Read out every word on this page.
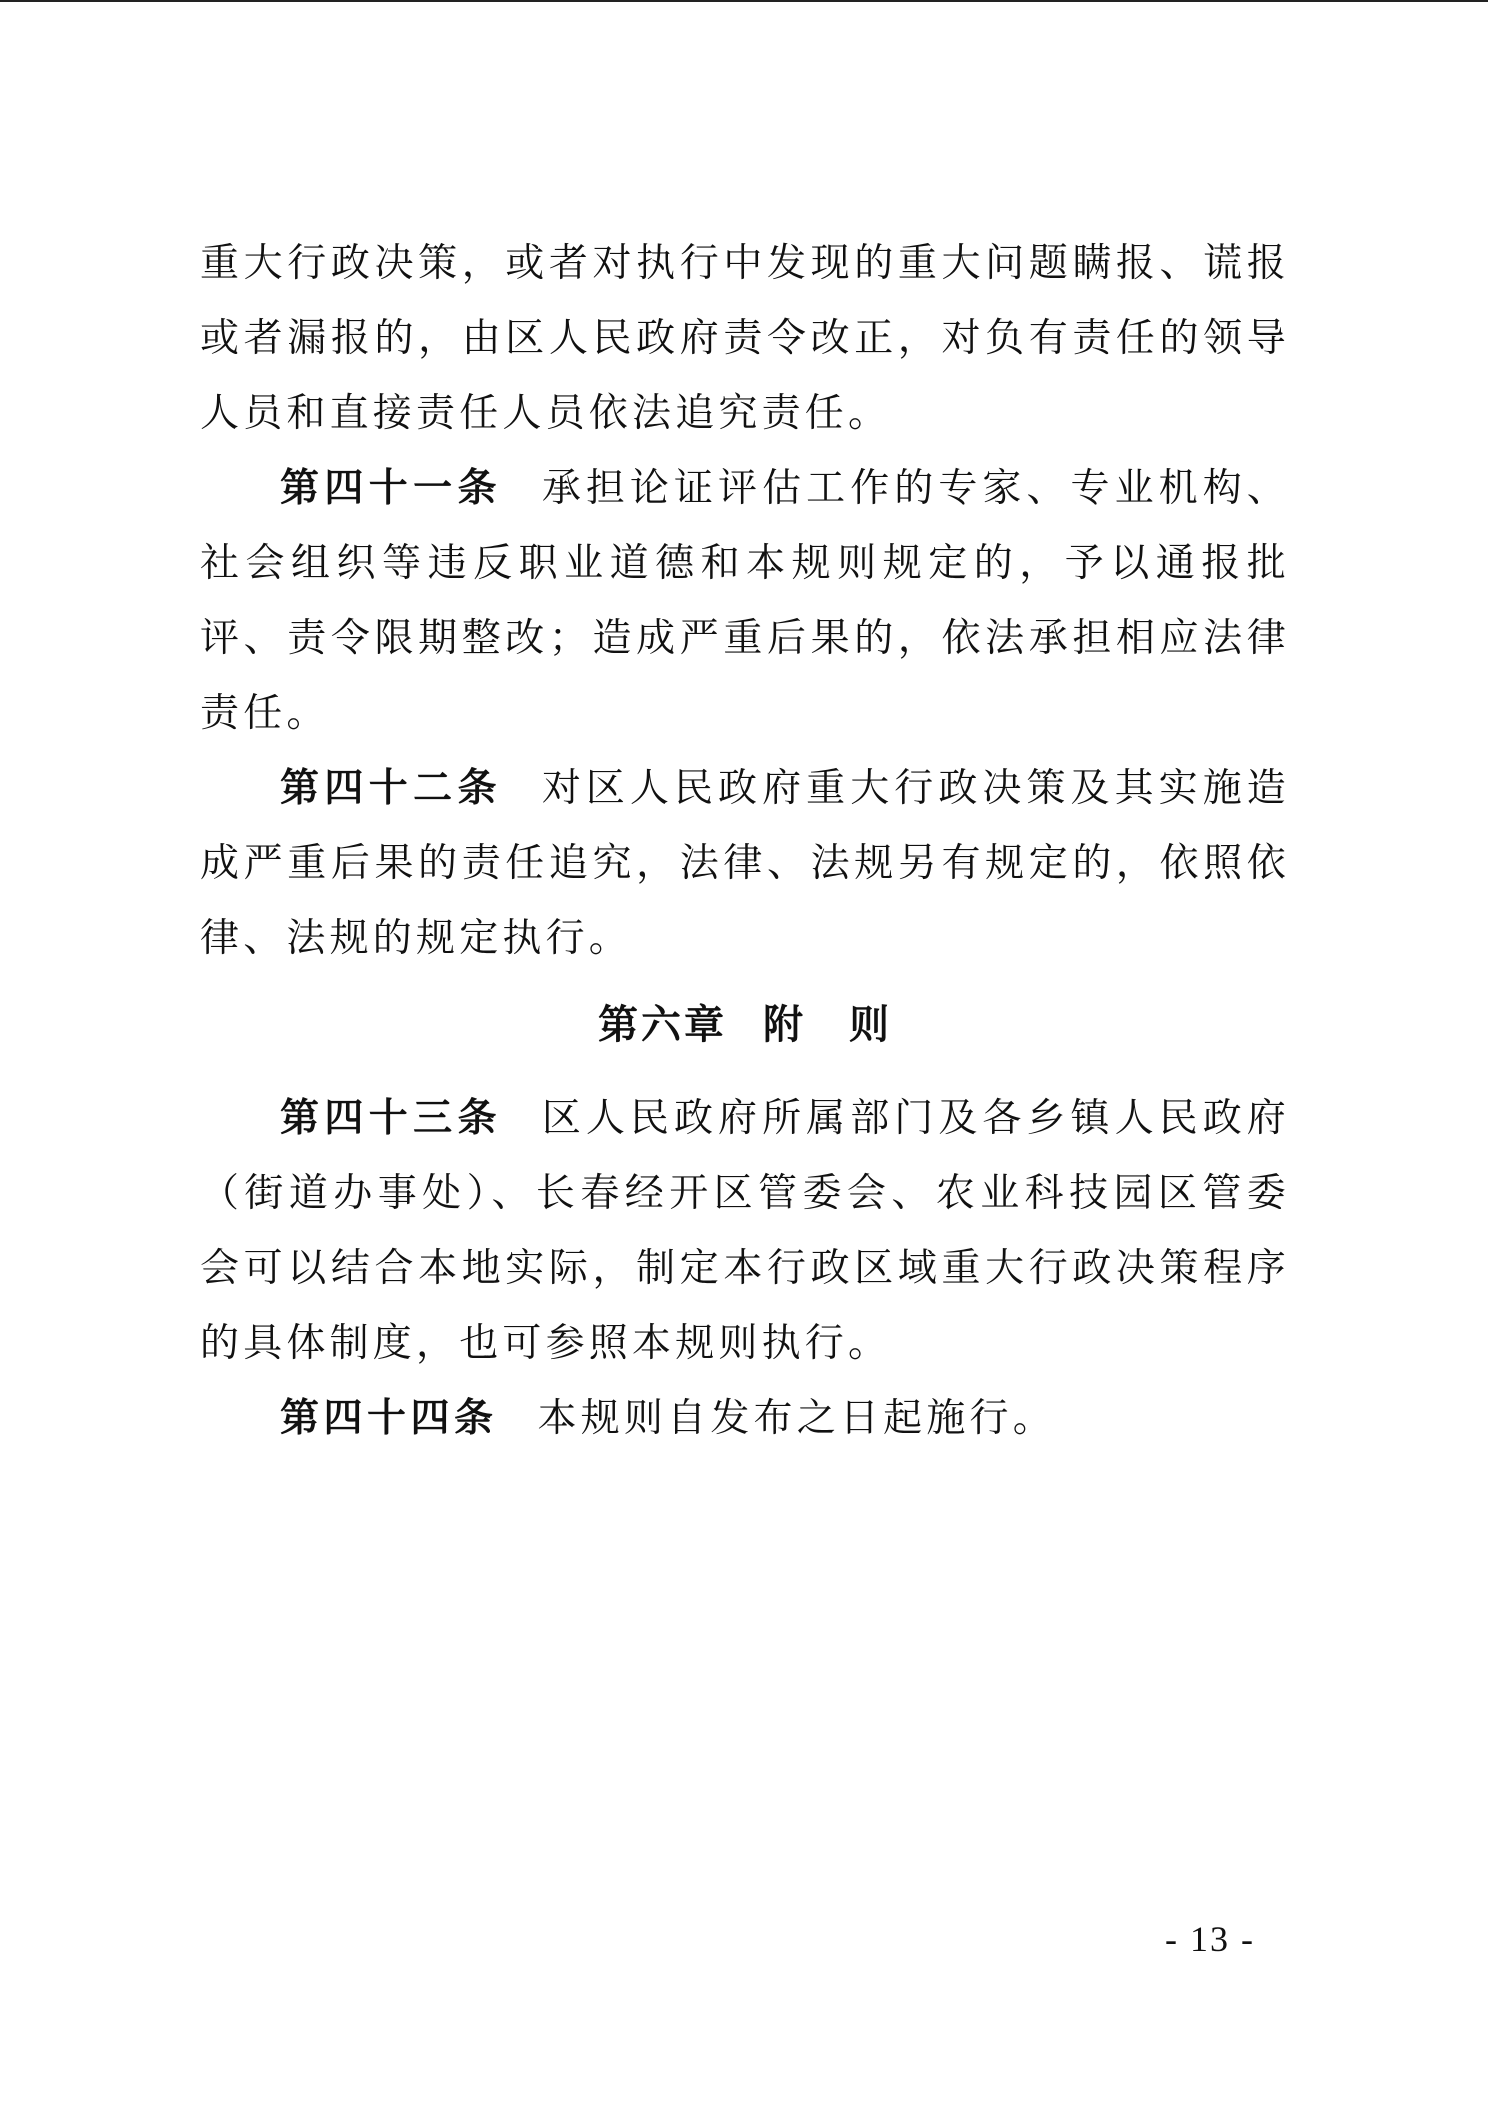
重大行政决策，或者对执行中发现的重大问题瞒报、谎报或者漏报的，由区人民政府责令改正，对负有责任的领导人员和直接责任人员依法追究责任。

第四十一条 承担论证评估工作的专家、专业机构、社会组织等违反职业道德和本规则规定的，予以通报批评、责令限期整改；造成严重后果的，依法承担相应法律责任。

第四十二条 对区人民政府重大行政决策及其实施造成严重后果的责任追究，法律、法规另有规定的，依照依律、法规的规定执行。

第六章 附　则

第四十三条 区人民政府所属部门及各乡镇人民政府（街道办事处）、长春经开区管委会、农业科技园区管委会可以结合本地实际，制定本行政区域重大行政决策程序的具体制度，也可参照本规则执行。

第四十四条 本规则自发布之日起施行。

- 13 -
